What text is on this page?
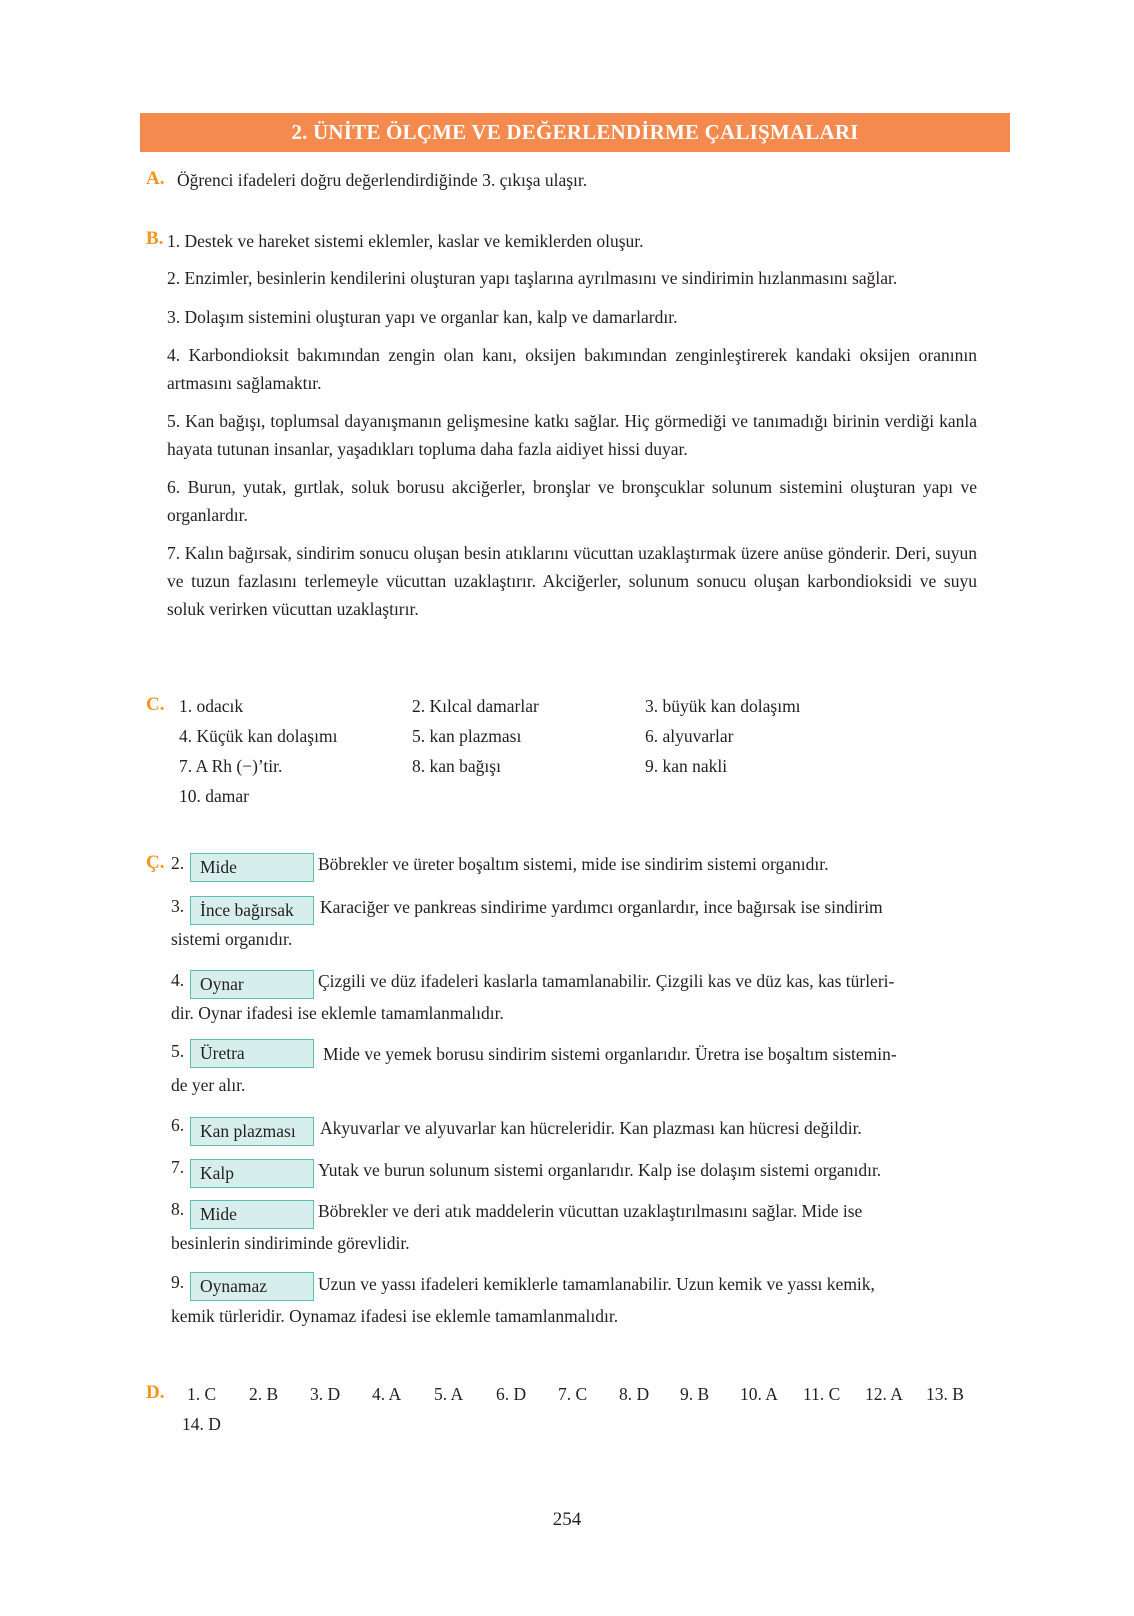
2. ÜNİTE ÖLÇME VE DEĞERLENDİRME ÇALIŞMALARI
A. Öğrenci ifadeleri doğru değerlendirdiğinde 3. çıkışa ulaşır.
B. 1. Destek ve hareket sistemi eklemler, kaslar ve kemiklerden oluşur.
2. Enzimler, besinlerin kendilerini oluşturan yapı taşlarına ayrılmasını ve sindirimin hızlanmasını sağlar.
3. Dolaşım sistemini oluşturan yapı ve organlar kan, kalp ve damarlardır.
4. Karbondioksit bakımından zengin olan kanı, oksijen bakımından zenginleştirerek kandaki oksijen oranının artmasını sağlamaktır.
5. Kan bağışı, toplumsal dayanışmanın gelişmesine katkı sağlar. Hiç görmediği ve tanımadığı birinin verdiği kanla hayata tutunan insanlar, yaşadıkları topluma daha fazla aidiyet hissi duyar.
6. Burun, yutak, gırtlak, soluk borusu akciğerler, bronşlar ve bronşcuklar solunum sistemini oluşturan yapı ve organlardır.
7. Kalın bağırsak, sindirim sonucu oluşan besin atıklarını vücuttan uzaklaştırmak üzere anüse gönderir. Deri, suyun ve tuzun fazlasını terlemeyle vücuttan uzaklaştırır. Akciğerler, solunum sonucu oluşan karbondioksidi ve suyu soluk verirken vücuttan uzaklaştırır.
C. 1. odacık	2. Kılcal damarlar	3. büyük kan dolaşımı
4. Küçük kan dolaşımı	5. kan plazması	6. alyuvarlar
7. A Rh (−)’tir.	8. kan bağışı	9. kan nakli
10. damar
Ç. 2. Mide	Böbrekler ve üreter boşaltım sistemi, mide ise sindirim sistemi organıdır.
3. İnce bağırsak	Karaciğer ve pankreas sindirime yardımcı organlardır, ince bağırsak ise sindirim
sistemi organıdır.
4. Oynar	Çizgili ve düz ifadeleri kaslarla tamamlanabilir. Çizgili kas ve düz kas, kas türleri-
dir. Oynar ifadesi ise eklemle tamamlanmalıdır.
5. Üretra	Mide ve yemek borusu sindirim sistemi organlarıdır. Üretra ise boşaltım sistemin-
de yer alır.
6. Kan plazması	Akyuvarlar ve alyuvarlar kan hücreleridir. Kan plazması kan hücresi değildir.
7. Kalp	Yutak ve burun solunum sistemi organlarıdır. Kalp ise dolaşım sistemi organıdır.
8. Mide	Böbrekler ve deri atık maddelerin vücuttan uzaklaştırılmasını sağlar. Mide ise
besinlerin sindiriminde görevlidir.
9. Oynamaz	Uzun ve yassı ifadeleri kemiklerle tamamlanabilir. Uzun kemik ve yassı kemik,
kemik türleridir. Oynamaz ifadesi ise eklemle tamamlanmalıdır.
D. 1. C 2. B 3. D 4. A 5. A 6. D 7. C 8. D 9. B 10. A 11. C 12. A 13. B
14. D
254
